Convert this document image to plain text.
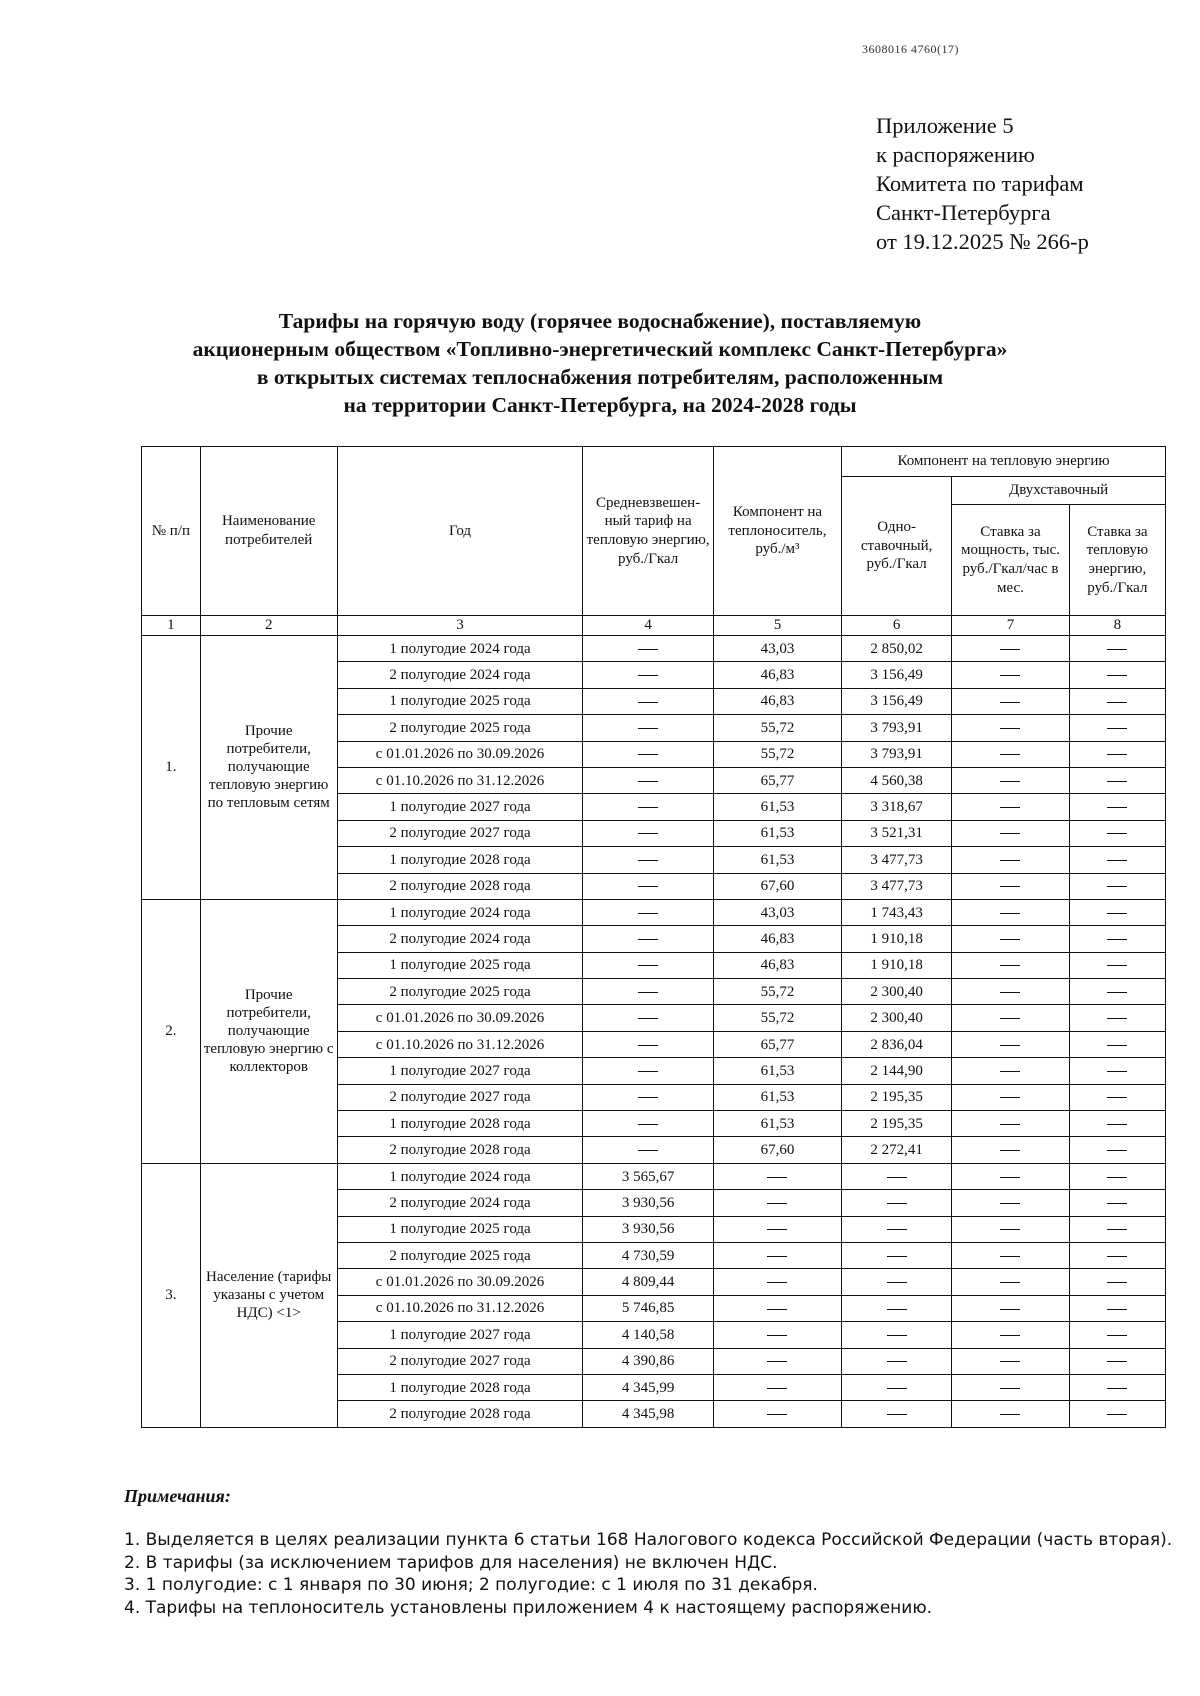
3608016 4760(17)
Приложение 5
к распоряжению
Комитета по тарифам
Санкт-Петербурга
от 19.12.2025 № 266-р
Тарифы на горячую воду (горячее водоснабжение), поставляемую
акционерным обществом «Топливно-энергетический комплекс Санкт-Петербурга»
в открытых системах теплоснабжения потребителям, расположенным
на территории Санкт-Петербурга, на 2024-2028 годы
№ п/п	Наименование потребителей	Год	Средневзвешен-ный тариф на тепловую энергию, руб./Гкал	Компонент на теплоноситель, руб./м³	Компонент на тепловую энергию		
					Одно-ставочный, руб./Гкал	Двухставочный	
						Ставка за мощность, тыс. руб./Гкал/час в мес.	Ставка за тепловую энергию, руб./Гкал
1	2	3	4	5	6	7	8
1.	Прочие потребители, получающие тепловую энергию по тепловым сетям	1 полугодие 2024 года		43,03	2 850,02		
		2 полугодие 2024 года		46,83	3 156,49		
		1 полугодие 2025 года		46,83	3 156,49		
		2 полугодие 2025 года		55,72	3 793,91		
		с 01.01.2026 по 30.09.2026		55,72	3 793,91		
		с 01.10.2026 по 31.12.2026		65,77	4 560,38		
		1 полугодие 2027 года		61,53	3 318,67		
		2 полугодие 2027 года		61,53	3 521,31		
		1 полугодие 2028 года		61,53	3 477,73		
		2 полугодие 2028 года		67,60	3 477,73		
2.	Прочие потребители, получающие тепловую энергию с коллекторов	1 полугодие 2024 года		43,03	1 743,43		
		2 полугодие 2024 года		46,83	1 910,18		
		1 полугодие 2025 года		46,83	1 910,18		
		2 полугодие 2025 года		55,72	2 300,40		
		с 01.01.2026 по 30.09.2026		55,72	2 300,40		
		с 01.10.2026 по 31.12.2026		65,77	2 836,04		
		1 полугодие 2027 года		61,53	2 144,90		
		2 полугодие 2027 года		61,53	2 195,35		
		1 полугодие 2028 года		61,53	2 195,35		
		2 полугодие 2028 года		67,60	2 272,41		
3.	Население (тарифы указаны с учетом НДС) <1>	1 полугодие 2024 года	3 565,67				
		2 полугодие 2024 года	3 930,56				
		1 полугодие 2025 года	3 930,56				
		2 полугодие 2025 года	4 730,59				
		с 01.01.2026 по 30.09.2026	4 809,44				
		с 01.10.2026 по 31.12.2026	5 746,85				
		1 полугодие 2027 года	4 140,58				
		2 полугодие 2027 года	4 390,86				
		1 полугодие 2028 года	4 345,99				
		2 полугодие 2028 года	4 345,98				
Примечания:
1. Выделяется в целях реализации пункта 6 статьи 168 Налогового кодекса Российской Федерации (часть вторая).
2. В тарифы (за исключением тарифов для населения) не включен НДС.
3. 1 полугодие: с 1 января по 30 июня; 2 полугодие: с 1 июля по 31 декабря.
4. Тарифы на теплоноситель установлены приложением 4 к настоящему распоряжению.
